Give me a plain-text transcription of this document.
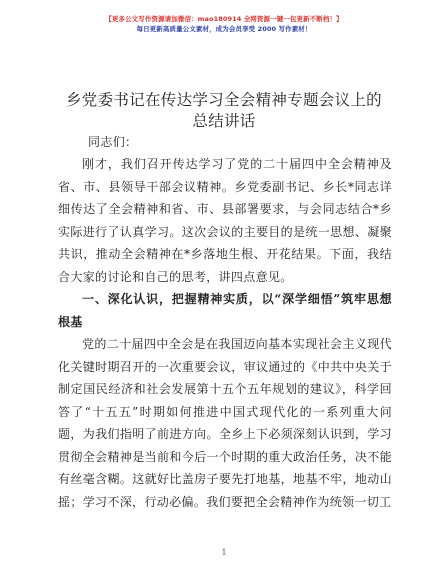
【更多公文写作资源请加微信：mao180914 全网资源一键一包更新不断档！】
每日更新高质量公文素材，成为会员享受 2000 写作素材！
乡党委书记在传达学习全会精神专题会议上的
总结讲话
同志们：
刚才，我们召开传达学习了党的二十届四中全会精神及省、市、县领导干部会议精神。乡党委副书记、乡长*同志详细传达了全会精神和省、市、县部署要求，与会同志结合*乡实际进行了认真学习。这次会议的主要目的是统一思想、凝聚共识，推动全会精神在*乡落地生根、开花结果。下面，我结合大家的讨论和自己的思考，讲四点意见。
一、深化认识，把握精神实质，以“深学细悟”筑牢思想根基
党的二十届四中全会是在我国迈向基本实现社会主义现代化关键时期召开的一次重要会议，审议通过的《中共中央关于制定国民经济和社会发展第十五个五年规划的建议》，科学回答了“十五五”时期如何推进中国式现代化的一系列重大问题，为我们指明了前进方向。全乡上下必须深刻认识到，学习贯彻全会精神是当前和今后一个时期的重大政治任务，决不能有丝毫含糊。这就好比盖房子要先打地基，地基不牢，地动山摇；学习不深，行动必偏。我们要把全会精神作为统领一切工
1
